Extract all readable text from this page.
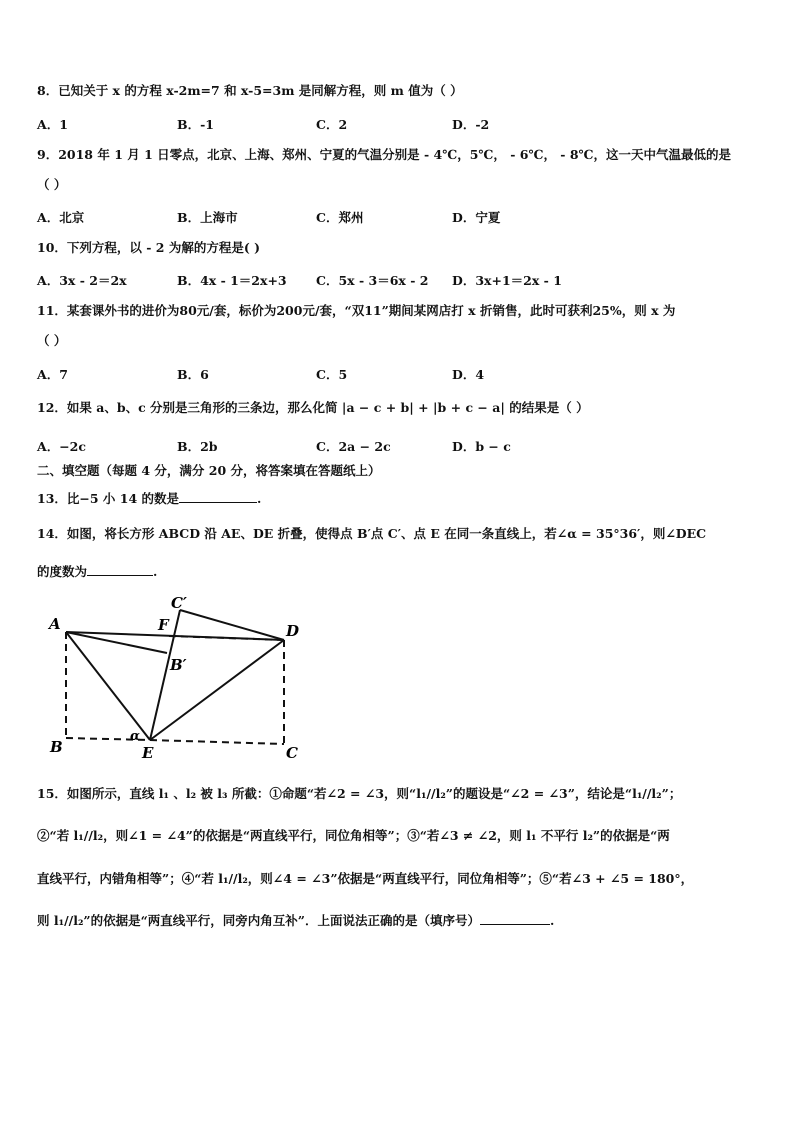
8．已知关于 x 的方程 x-2m=7 和 x-5=3m 是同解方程，则 m 值为（ ）
A．1	B．-1	C．2	D．-2
9．2018 年 1 月 1 日零点，北京、上海、郑州、宁夏的气温分别是 - 4℃，5℃， - 6℃， - 8℃，这一天中气温最低的是
（ ）
A．北京	B．上海市	C．郑州	D．宁夏
10．下列方程，以 - 2 为解的方程是( )
A．3x - 2＝2x	B．4x - 1＝2x+3 C．5x - 3＝6x - 2 D．3x+1＝2x - 1
11．某套课外书的进价为80元/套，标价为200元/套，“双11”期间某网店打 x 折销售，此时可获利25%，则 x 为
（ ）
A．7	B．6	C．5	D．4
12．如果 a、b、c 分别是三角形的三条边，那么化简 |a − c + b| + |b + c − a| 的结果是（ ）
A．−2c	B．2b	C．2a − 2c	D．b − c
二、填空题（每题 4 分，满分 20 分，将答案填在答题纸上）
13．比−5 小 14 的数是	.
14．如图，将长方形 ABCD 沿 AE、DE 折叠，使得点 B′点 C′、点 E 在同一条直线上，若∠α = 35°36′，则∠DEC
的度数为	.
A
B	C
D
E
F
B′
C′
α
15．如图所示，直线 l₁ 、l₂ 被 l₃ 所截：①命题“若∠2 = ∠3，则“l₁//l₂”的题设是“∠2 = ∠3”，结论是“l₁//l₂”；
②“若 l₁//l₂，则∠1 = ∠4”的依据是“两直线平行，同位角相等”；③“若∠3 ≠ ∠2，则 l₁ 不平行 l₂”的依据是“两
直线平行，内错角相等”；④“若 l₁//l₂，则∠4 = ∠3”依据是“两直线平行，同位角相等”；⑤“若∠3 + ∠5 = 180°，
则 l₁//l₂”的依据是“两直线平行，同旁内角互补”．上面说法正确的是（填序号）	.
